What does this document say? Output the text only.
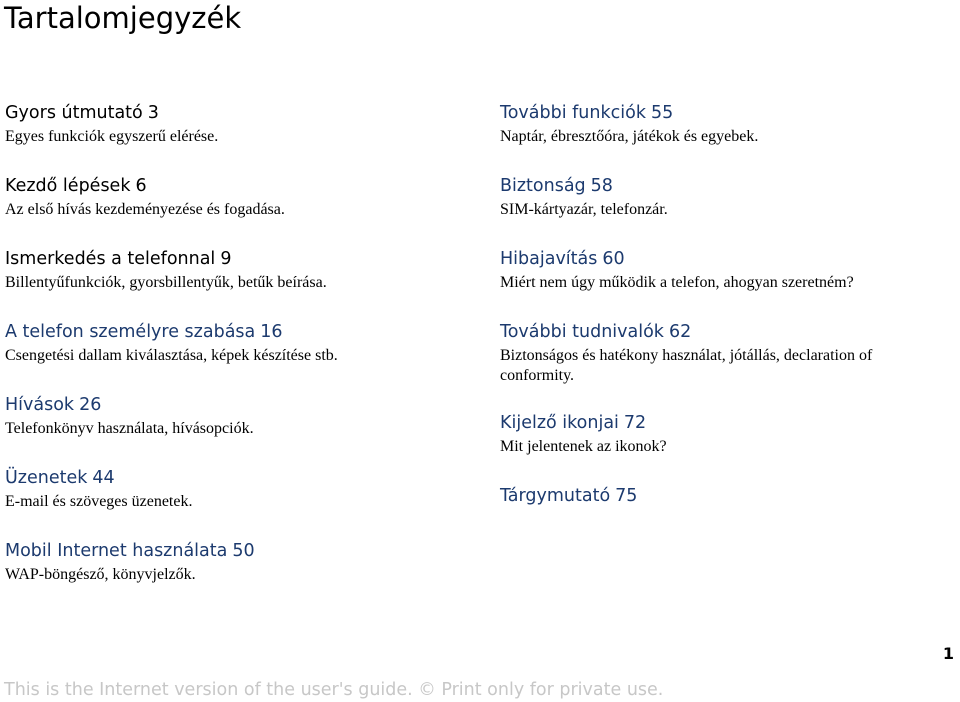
Tartalomjegyzék
Gyors útmutató 3
Egyes funkciók egyszerű elérése.
Kezdő lépések 6
Az első hívás kezdeményezése és fogadása.
Ismerkedés a telefonnal 9
Billentyűfunkciók, gyorsbillentyűk, betűk beírása.
A telefon személyre szabása 16
Csengetési dallam kiválasztása, képek készítése stb.
Hívások 26
Telefonkönyv használata, hívásopciók.
Üzenetek 44
E-mail és szöveges üzenetek.
Mobil Internet használata 50
WAP-böngésző, könyvjelzők.
További funkciók 55
Naptár, ébresztőóra, játékok és egyebek.
Biztonság 58
SIM-kártyazár, telefonzár.
Hibajavítás 60
Miért nem úgy működik a telefon, ahogyan szeretném?
További tudnivalók 62
Biztonságos és hatékony használat, jótállás, declaration of conformity.
Kijelző ikonjai 72
Mit jelentenek az ikonok?
Tárgymutató 75
1
This is the Internet version of the user's guide. © Print only for private use.
